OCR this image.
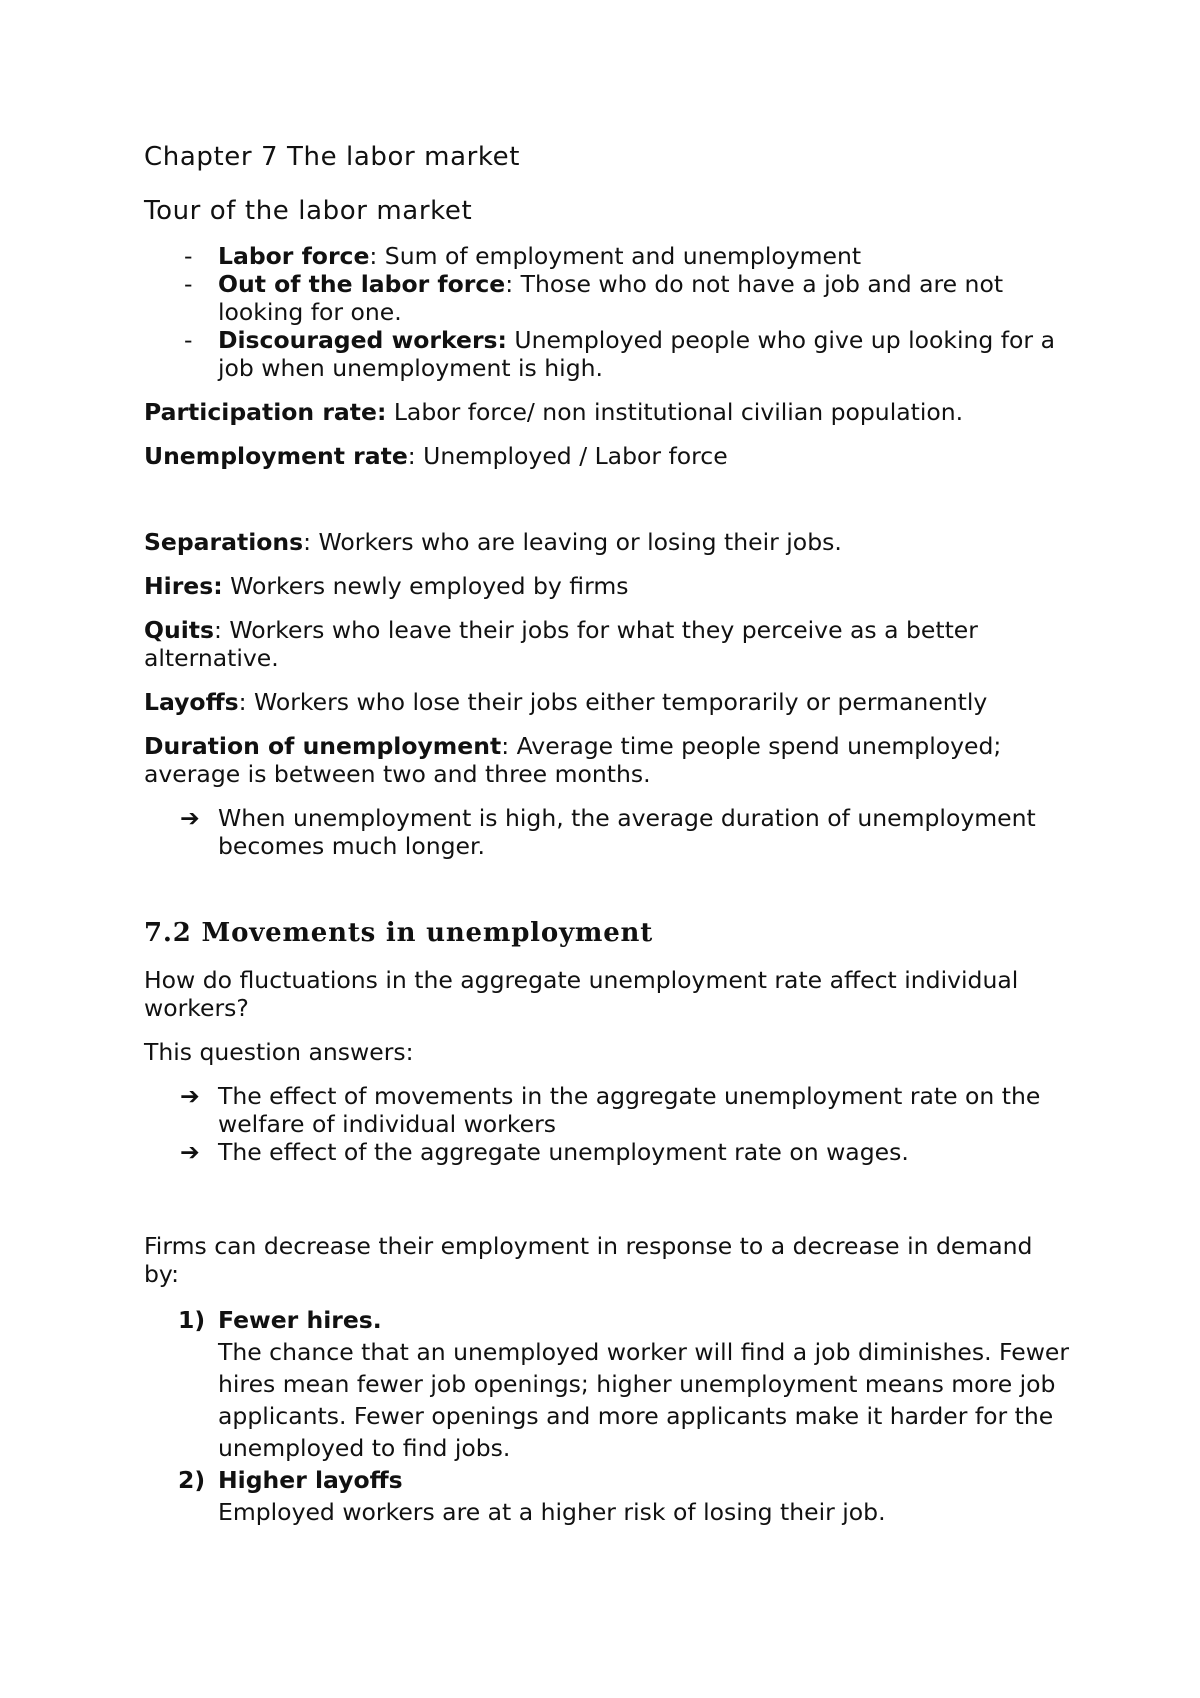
Chapter 7 The labor market
Tour of the labor market
- Labor force: Sum of employment and unemployment
- Out of the labor force: Those who do not have a job and are not looking for one.
- Discouraged workers: Unemployed people who give up looking for a job when unemployment is high.

Participation rate: Labor force/ non institutional civilian population.

Unemployment rate: Unemployed / Labor force

Separations: Workers who are leaving or losing their jobs.

Hires: Workers newly employed by firms

Quits: Workers who leave their jobs for what they perceive as a better alternative.

Layoffs: Workers who lose their jobs either temporarily or permanently

Duration of unemployment: Average time people spend unemployed; average is between two and three months.

➔ When unemployment is high, the average duration of unemployment becomes much longer.
7.2 Movements in unemployment

How do fluctuations in the aggregate unemployment rate affect individual workers?

This question answers:

➔ The effect of movements in the aggregate unemployment rate on the welfare of individual workers
➔ The effect of the aggregate unemployment rate on wages.

Firms can decrease their employment in response to a decrease in demand by:

1) Fewer hires.
The chance that an unemployed worker will find a job diminishes. Fewer hires mean fewer job openings; higher unemployment means more job applicants. Fewer openings and more applicants make it harder for the unemployed to find jobs.
2) Higher layoffs
Employed workers are at a higher risk of losing their job.
